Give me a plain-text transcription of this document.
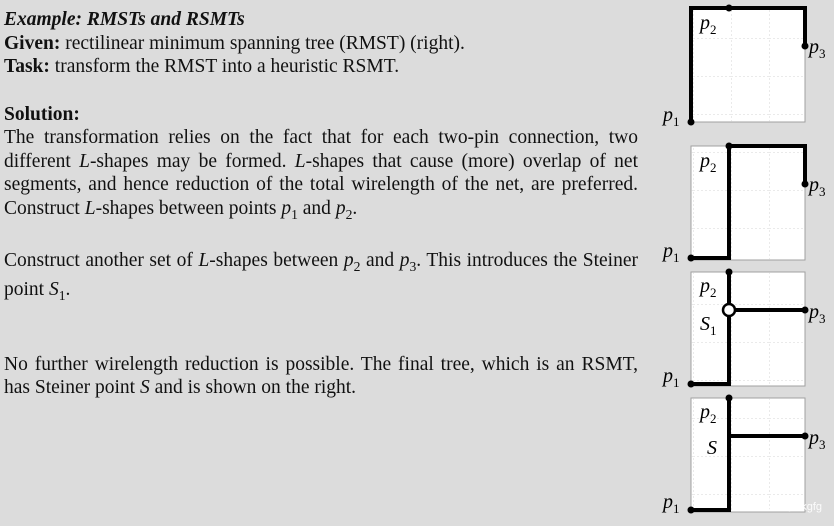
Example: RMSTs and RSMTs

Given: rectilinear minimum spanning tree (RMST) (right).

Task: transform the RMST into a heuristic RSMT.

Solution:

The transformation relies on the fact that for each two-pin connection, two different L-shapes may be formed. L-shapes that cause (more) overlap of net segments, and hence reduction of the total wirelength of the net, are preferred. Construct L-shapes between points $p_1$ and $p_2$.

Construct another set of L-shapes between $p_2$ and $p_3$. This introduces the Steiner point $S_1$.

No further wirelength reduction is possible. The final tree, which is an RSMT, has Steiner point S and is shown on the right.

$p_2$
$p_3$
$p_1$
$p_2$
$p_3$
$p_1$
$p_2$
$p_3$
$S_1$
$p_1$
$p_2$
$p_3$
S
$p_1$	CSDN @kkgfg
